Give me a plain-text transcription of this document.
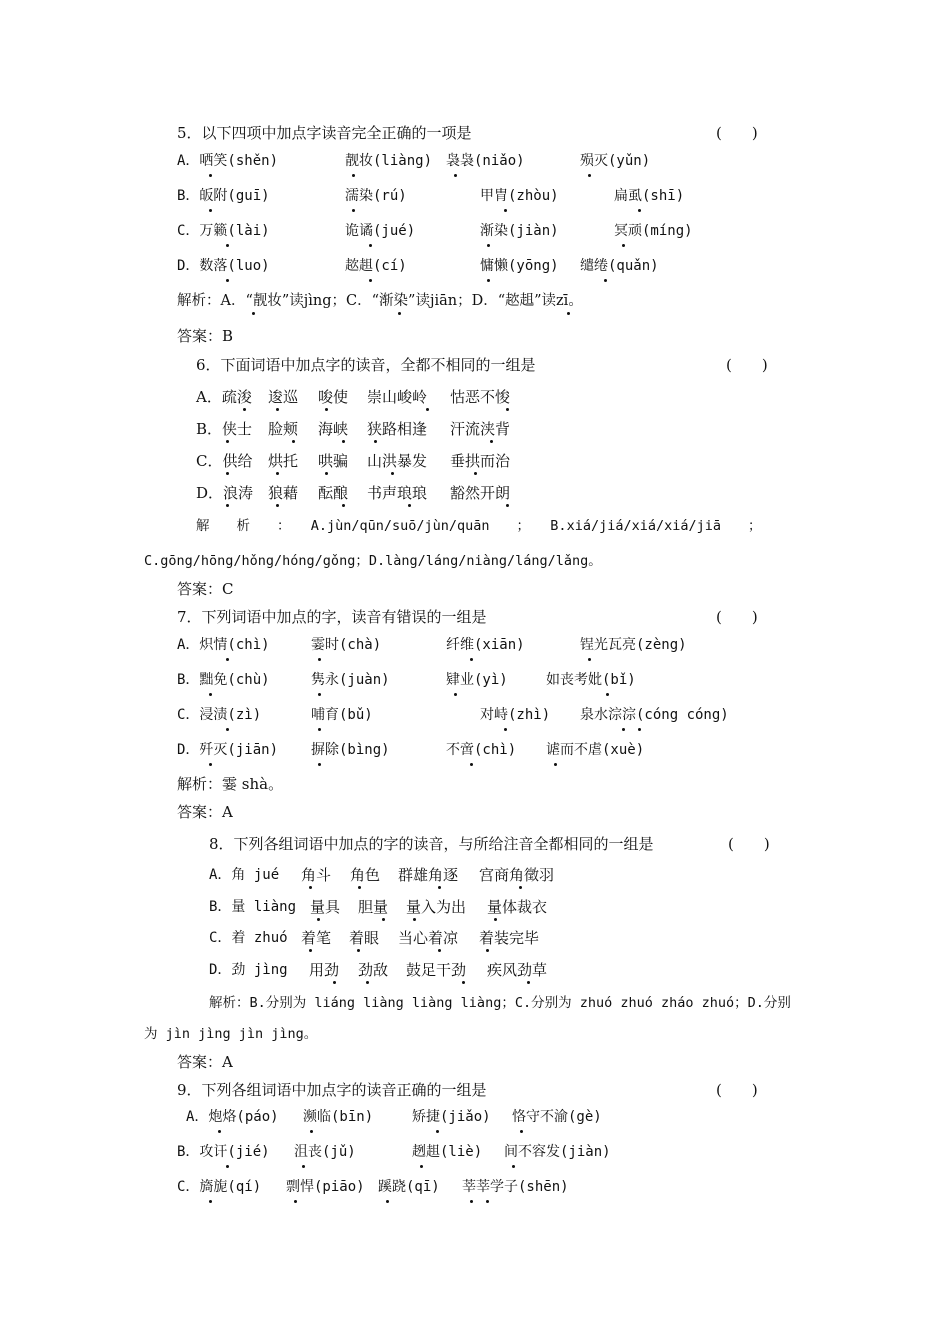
5．以下四项中加点字读音完全正确的一项是	(　　)
A．哂笑(shěn)	靓妆(liàng) 袅袅(niǎo)	殒灭(yǔn)
B．皈附(guī)	濡染(rú)	甲胄(zhòu)	扁虱(shī)
C．万籁(lài)	诡谲(jué)	渐染(jiàn)	冥顽(míng)
D．数落(luo)	趑趄(cí)	慵懒(yōng) 缱绻(quǎn)
解析：A．“靓妆”读jìng；C．“渐染”读jiān；D．“趑趄”读zī。
答案：B
6．下面词语中加点字的读音，全都不相同的一组是	(　　)
A．疏浚 逡巡 唆使 崇山峻岭 怙恶不悛
B．侠士 脸颊 海峡 狭路相逢 汗流浃背
C．供给 烘托 哄骗 山洪暴发 垂拱而治
D．浪涛 狼藉 酝酿 书声琅琅 豁然开朗
解　　析　　：　　A.jùn/qūn/suō/jùn/quān　　；　　B.xiá/jiá/xiá/xiá/jiā　　；
C.gōng/hōng/hǒng/hóng/gǒng；D.làng/láng/niàng/láng/lǎng。
答案：C
7．下列词语中加点的字，读音有错误的一组是	(　　)
A．炽情(chì)	霎时(chà)	纤维(xiān)	锃光瓦亮(zèng)
B．黜免(chù)	隽永(juàn)	肄业(yì)	如丧考妣(bǐ)
C．浸渍(zì)	哺育(bǔ)	对峙(zhì) 泉水淙淙(cóng cóng)
D．歼灭(jiān) 摒除(bìng)	不啻(chì) 谑而不虐(xuè)
解析：霎 shà。
答案：A
8．下列各组词语中加点的字的读音，与所给注音全都相同的一组是	(　　)
A．角 jué 角斗 角色 群雄角逐 宫商角徵羽
B．量 liàng 量具 胆量 量入为出 量体裁衣
C．着 zhuó 着笔 着眼 当心着凉 着装完毕
D．劲 jìng 用劲 劲敌 鼓足干劲 疾风劲草
解析：B.分别为 liáng liàng liàng liàng；C.分别为 zhuó zhuó zháo zhuó；D.分别
为 jìn jìng jìn jìng。
答案：A
9．下列各组词语中加点字的读音正确的一组是	(　　)
A．炮烙(páo) 濒临(bīn)	矫捷(jiǎo) 恪守不渝(gè)
B．攻讦(jié) 沮丧(jǔ)	趔趄(liè) 间不容发(jiàn)
C．旖旎(qí) 剽悍(piāo) 蹊跷(qī) 莘莘学子(shēn)
